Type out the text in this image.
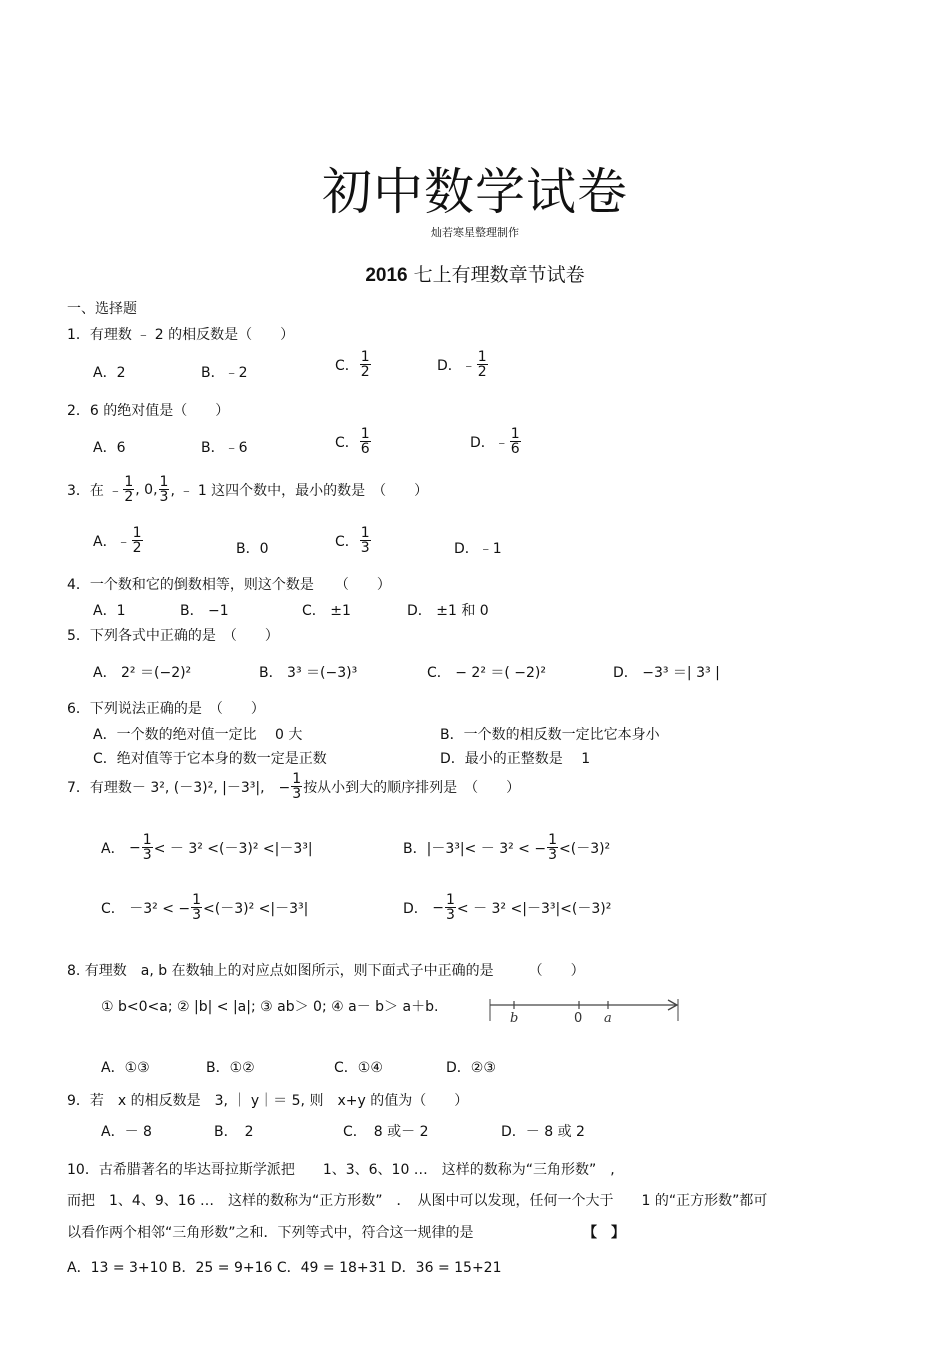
初中数学试卷
灿若寒星整理制作
2016 七上有理数章节试卷
一、选择题
1．有理数 ﹣ 2 的相反数是（　　）
A．2	B．﹣2	C． $\frac{1}{2}$	D．﹣ $\frac{1}{2}$
2．6 的绝对值是（　　）
A．6	B．﹣6	C． $\frac{1}{6}$	D．﹣ $\frac{1}{6}$
3．在 ﹣ $\frac{1}{2}$ , 0, $\frac{1}{3}$ , ﹣ 1 这四个数中，最小的数是　（　　）
A．﹣ $\frac{1}{2}$	B．0	C． $\frac{1}{3}$	D．﹣1
4．一个数和它的倒数相等，则这个数是　　（　　）
A．1	B． −1	C． ±1	D． ±1 和 0
5．下列各式中正确的是　（　　）
A． 2² ＝(−2)²	B． 3³ ＝(−3)³	C． − 2² ＝( −2)²	D． −3³ ＝| 3³ |
6．下列说法正确的是　（　　）
A．一个数的绝对值一定比　 0 大	B．一个数的相反数一定比它本身小
C．绝对值等于它本身的数一定是正数	D．最小的正整数是　 1
7．有理数－ 3², (－3)², |－3³|,　− $\frac{1}{3}$ 按从小到大的顺序排列是　（　　）
A． − $\frac{1}{3}$ < － 3² <(－3)² <|－3³|	B． |－3³|< － 3² < − $\frac{1}{3} <(-3)^2$
C．
－3² < − $\frac{1}{3} <(-3)^2 <|-3^3|$	D． − $\frac{1}{3}$ < － 3² <|－3³|<(－3)²
8. 有理数　a, b 在数轴上的对应点如图所示，则下面式子中正确的是　　　（　　）
① b<0<a; ② |b| < |a|; ③ ab＞ 0; ④ a－ b＞ a＋b.
b	0 a
A．①③	B．①②	C．①④	D．②③
9．若　x 的相反数是　3, ｜ y｜＝ 5, 则　x+y 的值为（　　）
A．－ 8	B．　2	C．　8 或－ 2	D．－ 8 或 2
10．古希腊著名的毕达哥拉斯学派把　　1、3、6、10 …　这样的数称为“三角形数”　,
而把　1、4、9、16 …　这样的数称为“正方形数”　．　从图中可以发现，任何一个大于　　1 的“正方形数”都可
以看作两个相邻“三角形数”之和．下列等式中，符合这一规律的是	【　】
A．13 = 3+10 B．25 = 9+16 C．49 = 18+31 D．36 = 15+21
